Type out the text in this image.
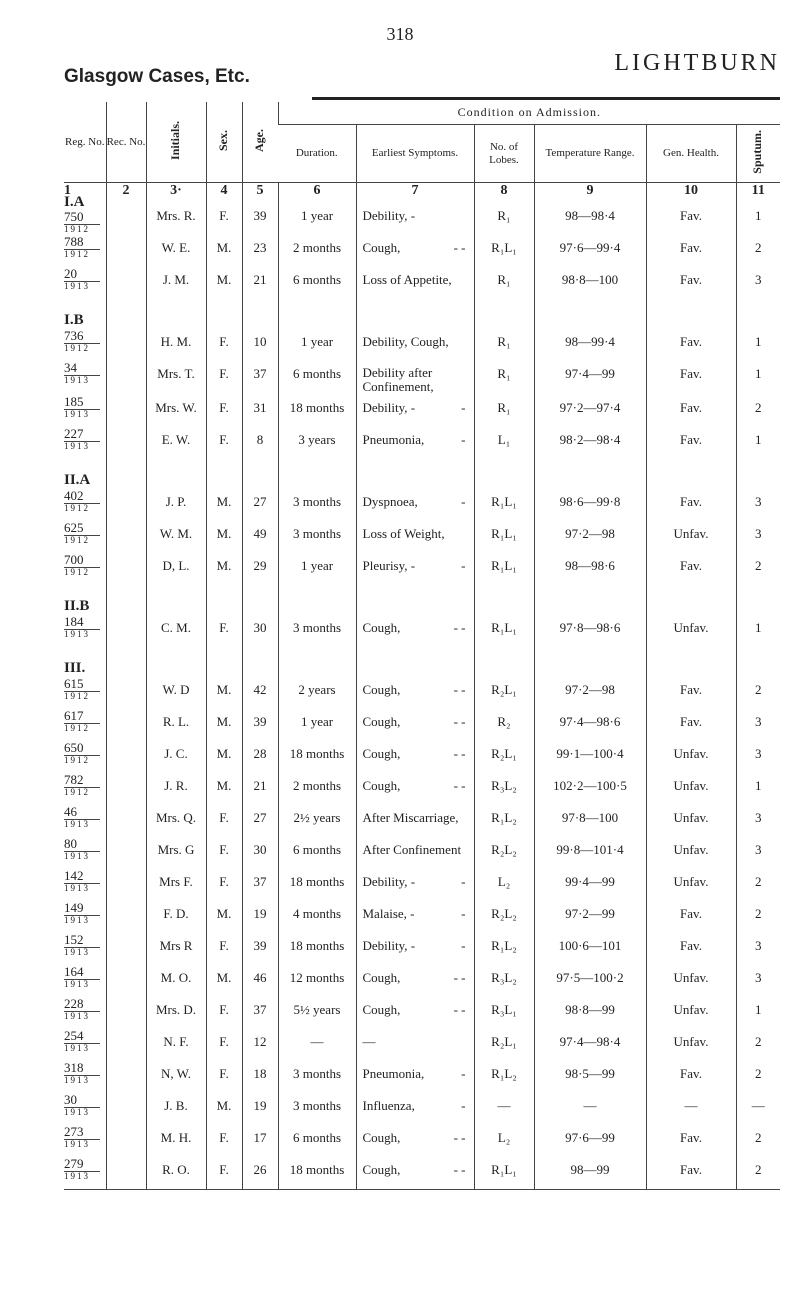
318
LIGHTBURN
Glasgow Cases, Etc.
Reg. No.	Rec. No.	Initials.	Sex.	Age.	Condition on Admission.					
					Duration.	Earliest Symptoms.	No. of Lobes.	Temperature Range.	Gen. Health.	Sputum.
1	2	3·	4	5	6	7	8	9	10	11

I.A
750
1912		Mrs. R.	F.	39	1 year	Debility, -	R₁	98—98·4	Fav.	1

788
1912		W. E.	M.	23	2 months	Cough, - -	R₁L₁	97·6—99·4	Fav.	2

20
1913		J. M.	M.	21	6 months	Loss of Appetite,	R₁	98·8—100	Fav.	3
I.B										

736
1912		H. M.	F.	10	1 year	Debility, Cough,	R₁	98—99·4	Fav.	1

34
1913		Mrs. T.	F.	37	6 months	Debility after Confinement,	R₁	97·4—99	Fav.	1

185
1913		Mrs. W.	F.	31	18 months	Debility, - -	R₁	97·2—97·4	Fav.	2

227
1913		E. W.	F.	8	3 years	Pneumonia, -	L₁	98·2—98·4	Fav.	1
II.A										

402
1912		J. P.	M.	27	3 months	Dyspnoea, -	R₁L₁	98·6—99·8	Fav.	3

625
1912		W. M.	M.	49	3 months	Loss of Weight,	R₁L₁	97·2—98	Unfav.	3

700
1912		D, L.	M.	29	1 year	Pleurisy, - -	R₁L₁	98—98·6	Fav.	2
II.B										

184
1913		C. M.	F.	30	3 months	Cough, - -	R₁L₁	97·8—98·6	Unfav.	1
III.										

615
1912		W. D	M.	42	2 years	Cough, - -	R₂L₁	97·2—98	Fav.	2

617
1912		R. L.	M.	39	1 year	Cough, - -	R₂	97·4—98·6	Fav.	3

650
1912		J. C.	M.	28	18 months	Cough, - -	R₂L₁	99·1—100·4	Unfav.	3

782
1912		J. R.	M.	21	2 months	Cough, - -	R₃L₂	102·2—100·5	Unfav.	1

46
1913		Mrs. Q.	F.	27	2½ years	After Miscarriage,	R₁L₂	97·8—100	Unfav.	3

80
1913		Mrs. G	F.	30	6 months	After Confinement	R₂L₂	99·8—101·4	Unfav.	3

142
1913		Mrs F.	F.	37	18 months	Debility, - -	L₂	99·4—99	Unfav.	2

149
1913		F. D.	M.	19	4 months	Malaise, - -	R₂L₂	97·2—99	Fav.	2

152
1913		Mrs R	F.	39	18 months	Debility, - -	R₁L₂	100·6—101	Fav.	3

164
1913		M. O.	M.	46	12 months	Cough, - -	R₃L₂	97·5—100·2	Unfav.	3

228
1913		Mrs. D.	F.	37	5½ years	Cough, - -	R₃L₁	98·8—99	Unfav.	1

254
1913		N. F.	F.	12	—	—	R₂L₁	97·4—98·4	Unfav.	2

318
1913		N, W.	F.	18	3 months	Pneumonia, -	R₁L₂	98·5—99	Fav.	2

30
1913		J. B.	M.	19	3 months	Influenza, -	—	—	—	—

273
1913		M. H.	F.	17	6 months	Cough, - -	L₂	97·6—99	Fav.	2

279
1913		R. O.	F.	26	18 months	Cough, - -	R₁L₁	98—99	Fav.	2
